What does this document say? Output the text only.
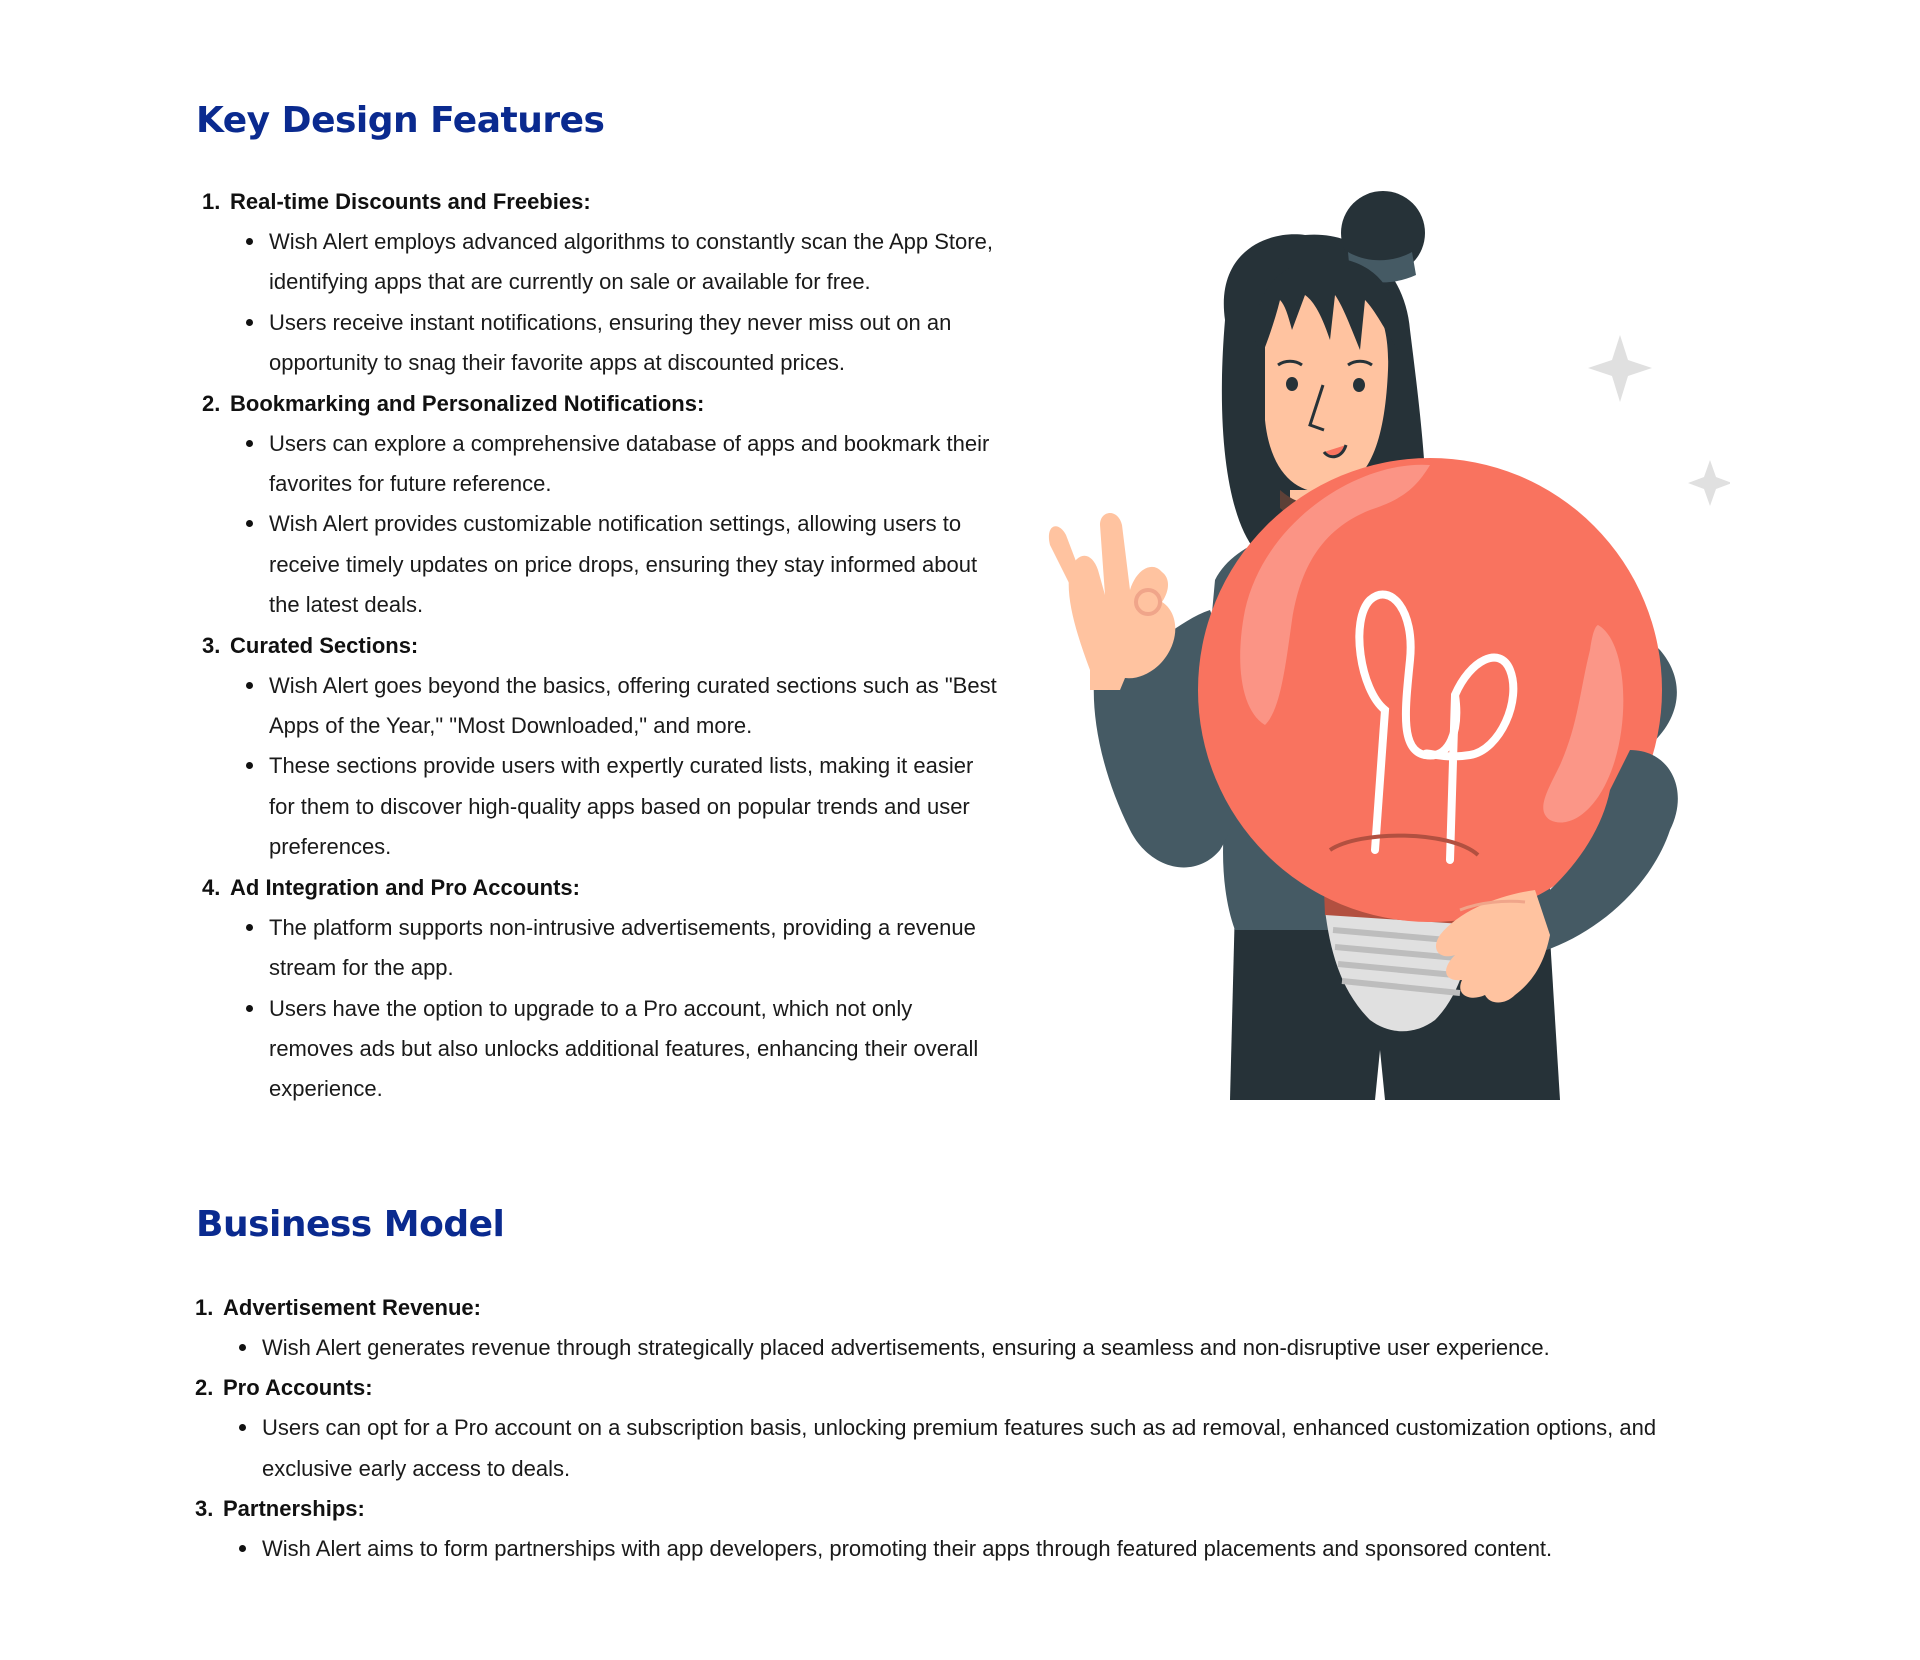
Key Design Features
1. Real-time Discounts and Freebies:
Wish Alert employs advanced algorithms to constantly scan the App Store, identifying apps that are currently on sale or available for free.
Users receive instant notifications, ensuring they never miss out on an opportunity to snag their favorite apps at discounted prices.
2. Bookmarking and Personalized Notifications:
Users can explore a comprehensive database of apps and bookmark their favorites for future reference.
Wish Alert provides customizable notification settings, allowing users to receive timely updates on price drops, ensuring they stay informed about the latest deals.
3. Curated Sections:
Wish Alert goes beyond the basics, offering curated sections such as "Best Apps of the Year," "Most Downloaded," and more.
These sections provide users with expertly curated lists, making it easier for them to discover high-quality apps based on popular trends and user preferences.
4. Ad Integration and Pro Accounts:
The platform supports non-intrusive advertisements, providing a revenue stream for the app.
Users have the option to upgrade to a Pro account, which not only removes ads but also unlocks additional features, enhancing their overall experience.
Business Model
1. Advertisement Revenue:
Wish Alert generates revenue through strategically placed advertisements, ensuring a seamless and non-disruptive user experience.
2. Pro Accounts:
Users can opt for a Pro account on a subscription basis, unlocking premium features such as ad removal, enhanced customization options, and exclusive early access to deals.
3. Partnerships:
Wish Alert aims to form partnerships with app developers, promoting their apps through featured placements and sponsored content.
